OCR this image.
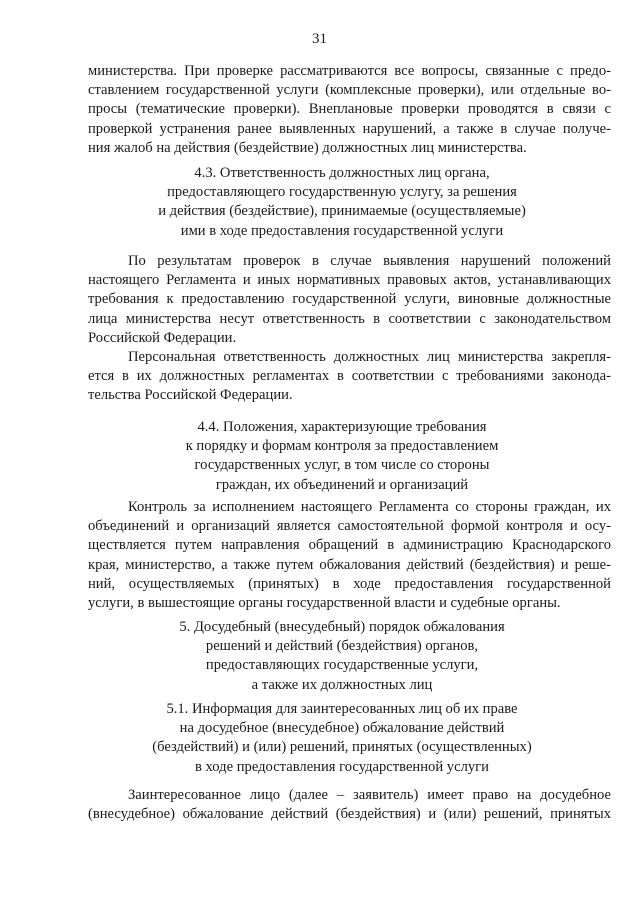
31
министерства. При проверке рассматриваются все вопросы, связанные с предо-
ставлением государственной услуги (комплексные проверки), или отдельные во-
просы (тематические проверки). Внеплановые проверки проводятся в связи с
проверкой устранения ранее выявленных нарушений, а также в случае получе-
ния жалоб на действия (бездействие) должностных лиц министерства.
4.3. Ответственность должностных лиц органа,
предоставляющего государственную услугу, за решения
и действия (бездействие), принимаемые (осуществляемые)
ими в ходе предоставления государственной услуги
По результатам проверок в случае выявления нарушений положений
настоящего Регламента и иных нормативных правовых актов, устанавливающих
требования к предоставлению государственной услуги, виновные должностные
лица министерства несут ответственность в соответствии с законодательством
Российской Федерации.
Персональная ответственность должностных лиц министерства закрепля-
ется в их должностных регламентах в соответствии с требованиями законода-
тельства Российской Федерации.
4.4. Положения, характеризующие требования
к порядку и формам контроля за предоставлением
государственных услуг, в том числе со стороны
граждан, их объединений и организаций
Контроль за исполнением настоящего Регламента со стороны граждан, их
объединений и организаций является самостоятельной формой контроля и осу-
ществляется путем направления обращений в администрацию Краснодарского
края, министерство, а также путем обжалования действий (бездействия) и реше-
ний, осуществляемых (принятых) в ходе предоставления государственной
услуги, в вышестоящие органы государственной власти и судебные органы.
5. Досудебный (внесудебный) порядок обжалования
решений и действий (бездействия) органов,
предоставляющих государственные услуги,
а также их должностных лиц
5.1. Информация для заинтересованных лиц об их праве
на досудебное (внесудебное) обжалование действий
(бездействий) и (или) решений, принятых (осуществленных)
в ходе предоставления государственной услуги
Заинтересованное лицо (далее – заявитель) имеет право на досудебное
(внесудебное) обжалование действий (бездействия) и (или) решений, принятых
